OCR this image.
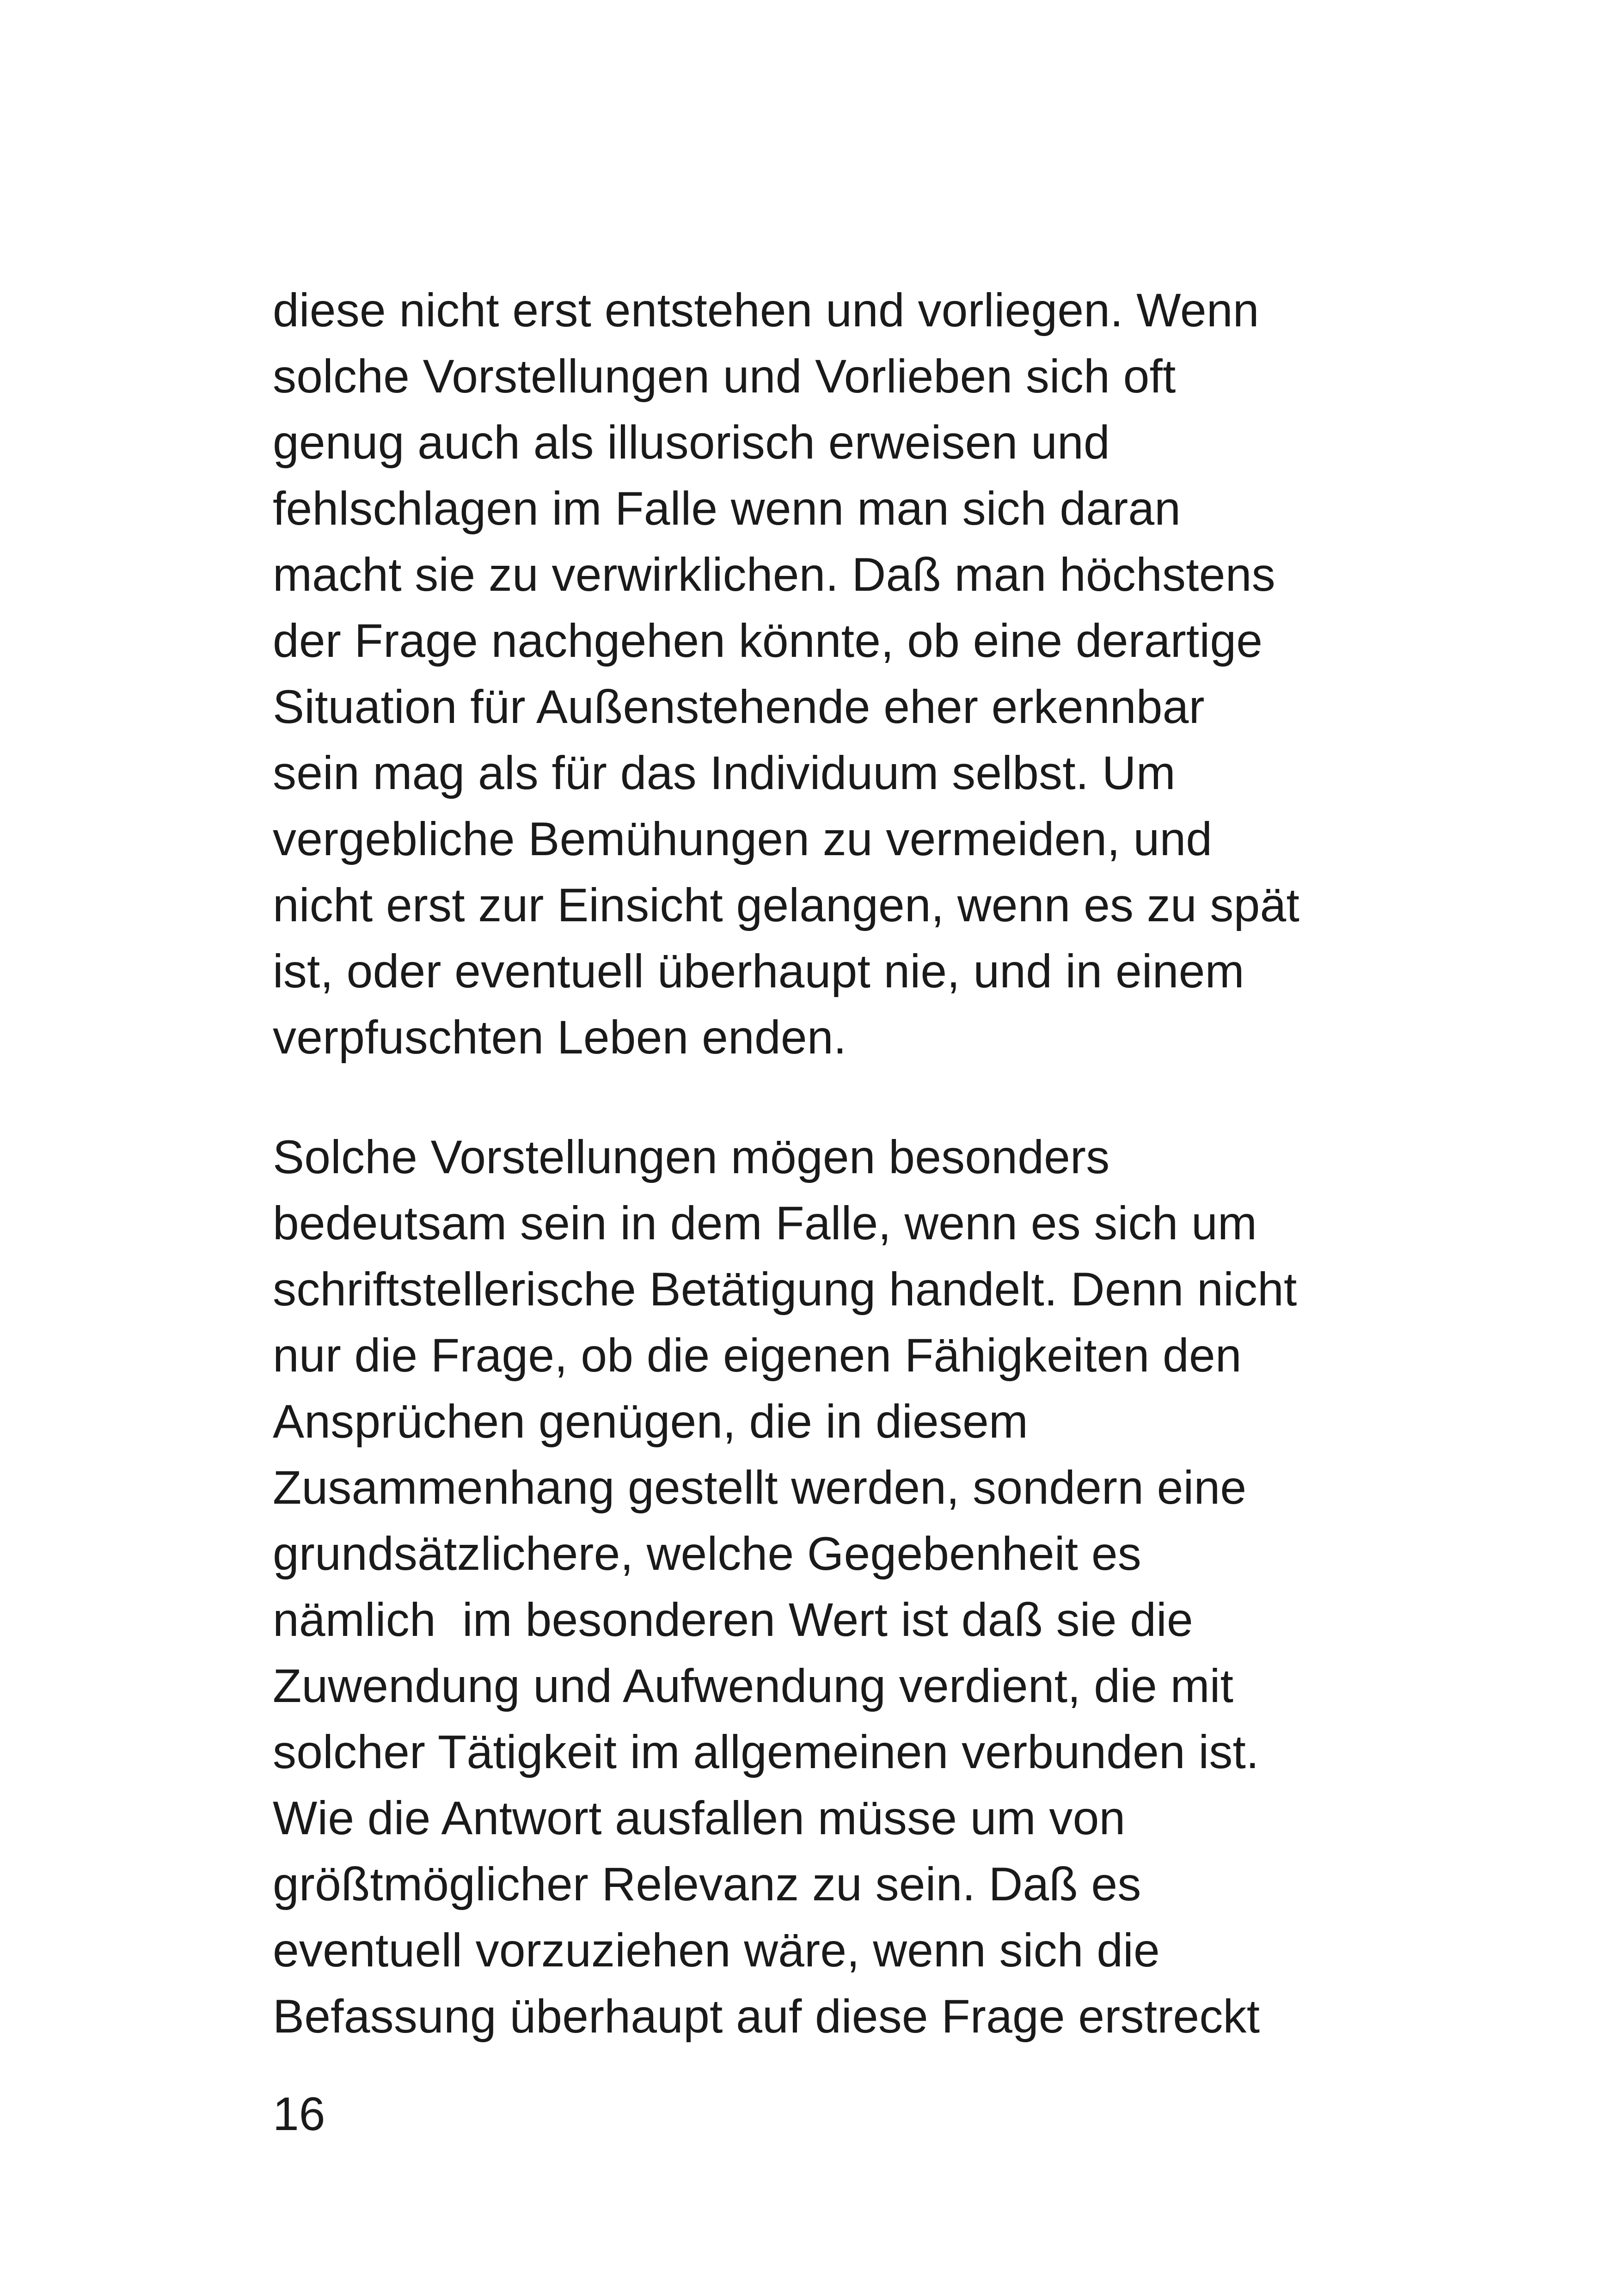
diese nicht erst entstehen und vorliegen. Wenn
solche Vorstellungen und Vorlieben sich oft
genug auch als illusorisch erweisen und
fehlschlagen im Falle wenn man sich daran
macht sie zu verwirklichen. Daß man höchstens
der Frage nachgehen könnte, ob eine derartige
Situation für Außenstehende eher erkennbar
sein mag als für das Individuum selbst. Um
vergebliche Bemühungen zu vermeiden, und
nicht erst zur Einsicht gelangen, wenn es zu spät
ist, oder eventuell überhaupt nie, und in einem
verpfuschten Leben enden.

Solche Vorstellungen mögen besonders
bedeutsam sein in dem Falle, wenn es sich um
schriftstellerische Betätigung handelt. Denn nicht
nur die Frage, ob die eigenen Fähigkeiten den
Ansprüchen genügen, die in diesem
Zusammenhang gestellt werden, sondern eine
grundsätzlichere, welche Gegebenheit es
nämlich  im besonderen Wert ist daß sie die
Zuwendung und Aufwendung verdient, die mit
solcher Tätigkeit im allgemeinen verbunden ist.
Wie die Antwort ausfallen müsse um von
größtmöglicher Relevanz zu sein. Daß es
eventuell vorzuziehen wäre, wenn sich die
Befassung überhaupt auf diese Frage erstreckt

16
